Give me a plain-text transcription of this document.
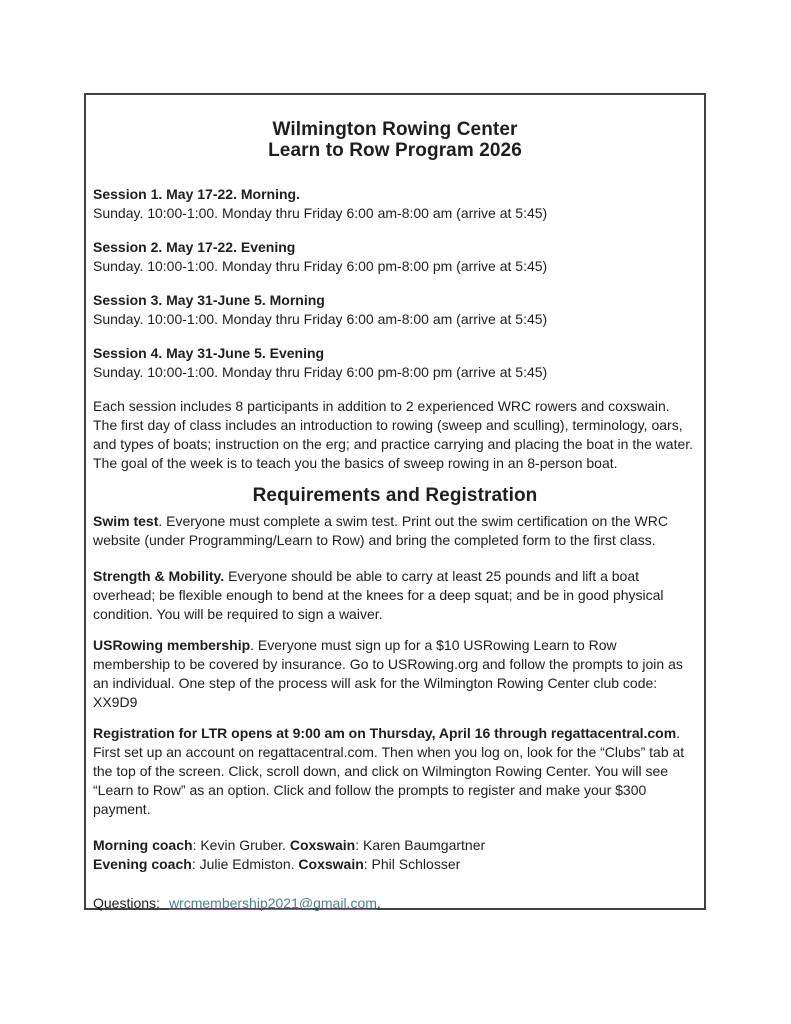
Wilmington Rowing Center
Learn to Row Program 2026
Session 1. May 17-22. Morning.
Sunday. 10:00-1:00. Monday thru Friday 6:00 am-8:00 am (arrive at 5:45)
Session 2. May 17-22. Evening
Sunday. 10:00-1:00. Monday thru Friday 6:00 pm-8:00 pm (arrive at 5:45)
Session 3. May 31-June 5. Morning
Sunday. 10:00-1:00. Monday thru Friday 6:00 am-8:00 am (arrive at 5:45)
Session 4. May 31-June 5. Evening
Sunday. 10:00-1:00. Monday thru Friday 6:00 pm-8:00 pm (arrive at 5:45)

Each session includes 8 participants in addition to 2 experienced WRC rowers and coxswain. The first day of class includes an introduction to rowing (sweep and sculling), terminology, oars, and types of boats; instruction on the erg; and practice carrying and placing the boat in the water. The goal of the week is to teach you the basics of sweep rowing in an 8-person boat.

Requirements and Registration

Swim test. Everyone must complete a swim test. Print out the swim certification on the WRC website (under Programming/Learn to Row) and bring the completed form to the first class.

Strength & Mobility. Everyone should be able to carry at least 25 pounds and lift a boat overhead; be flexible enough to bend at the knees for a deep squat; and be in good physical condition. You will be required to sign a waiver.

USRowing membership. Everyone must sign up for a $10 USRowing Learn to Row membership to be covered by insurance. Go to USRowing.org and follow the prompts to join as an individual. One step of the process will ask for the Wilmington Rowing Center club code: XX9D9

Registration for LTR opens at 9:00 am on Thursday, April 16 through regattacentral.com. First set up an account on regattacentral.com. Then when you log on, look for the “Clubs” tab at the top of the screen. Click, scroll down, and click on Wilmington Rowing Center. You will see “Learn to Row” as an option. Click and follow the prompts to register and make your $300 payment.

Morning coach: Kevin Gruber. Coxswain: Karen Baumgartner
Evening coach: Julie Edmiston. Coxswain: Phil Schlosser
Questions: wrcmembership2021@gmail.com.
